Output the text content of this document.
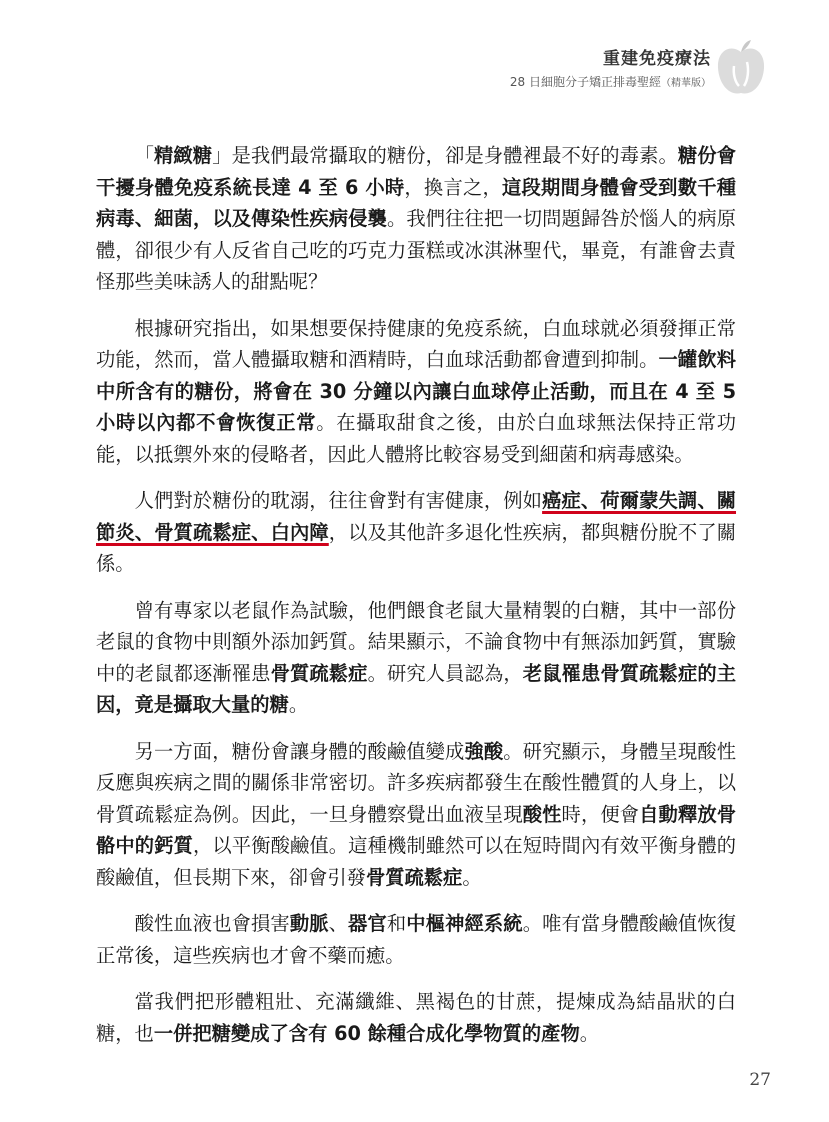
重建免疫療法
28 日細胞分子矯正排毒聖經（精華版）

「精緻糖」是我們最常攝取的糖份，卻是身體裡最不好的毒素。糖份會干擾身體免疫系統長達 4 至 6 小時，換言之，這段期間身體會受到數千種病毒、細菌，以及傳染性疾病侵襲。我們往往把一切問題歸咎於惱人的病原體，卻很少有人反省自己吃的巧克力蛋糕或冰淇淋聖代，畢竟，有誰會去責怪那些美味誘人的甜點呢？

根據研究指出，如果想要保持健康的免疫系統，白血球就必須發揮正常功能，然而，當人體攝取糖和酒精時，白血球活動都會遭到抑制。一罐飲料中所含有的糖份，將會在 30 分鐘以內讓白血球停止活動，而且在 4 至 5 小時以內都不會恢復正常。在攝取甜食之後，由於白血球無法保持正常功能，以抵禦外來的侵略者，因此人體將比較容易受到細菌和病毒感染。

人們對於糖份的耽溺，往往會對有害健康，例如癌症、荷爾蒙失調、關節炎、骨質疏鬆症、白內障，以及其他許多退化性疾病，都與糖份脫不了關係。

曾有專家以老鼠作為試驗，他們餵食老鼠大量精製的白糖，其中一部份老鼠的食物中則額外添加鈣質。結果顯示，不論食物中有無添加鈣質，實驗中的老鼠都逐漸罹患骨質疏鬆症。研究人員認為，老鼠罹患骨質疏鬆症的主因，竟是攝取大量的糖。

另一方面，糖份會讓身體的酸鹼值變成強酸。研究顯示，身體呈現酸性反應與疾病之間的關係非常密切。許多疾病都發生在酸性體質的人身上，以骨質疏鬆症為例。因此，一旦身體察覺出血液呈現酸性時，便會自動釋放骨骼中的鈣質，以平衡酸鹼值。這種機制雖然可以在短時間內有效平衡身體的酸鹼值，但長期下來，卻會引發骨質疏鬆症。

酸性血液也會損害動脈、器官和中樞神經系統。唯有當身體酸鹼值恢復正常後，這些疾病也才會不藥而癒。

當我們把形體粗壯、充滿纖維、黑褐色的甘蔗，提煉成為結晶狀的白糖，也一併把糖變成了含有 60 餘種合成化學物質的產物。

27
